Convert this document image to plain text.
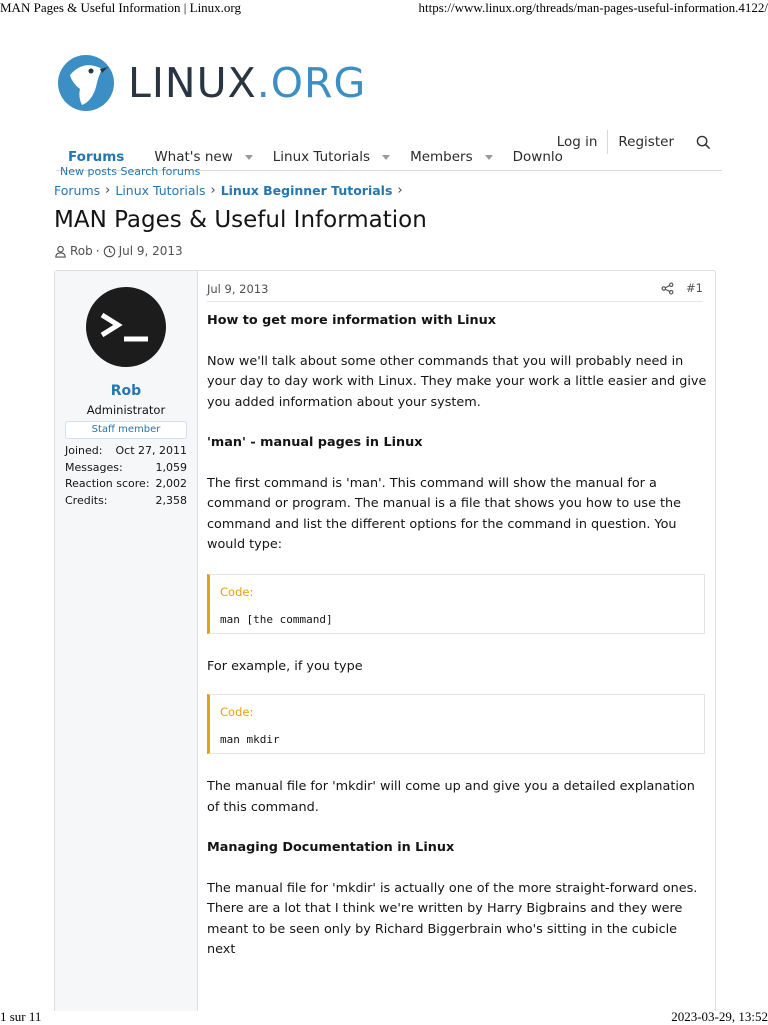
MAN Pages & Useful Information | Linux.org	https://www.linux.org/threads/man-pages-useful-information.4122/
LINUX.ORG
Log in	Register
Forums What's new	Linux Tutorials	Members	Downlo
New posts Search forums
Forums › Linux Tutorials › Linux Beginner Tutorials ›
MAN Pages & Useful Information
Rob · Jul 9, 2013
Rob
Administrator
Staff member
Joined: Oct 27, 2011
Messages:	1,059
Reaction score: 2,002
Credits:	2,358
Jul 9, 2013	#1

How to get more information with Linux

Now we'll talk about some other commands that you will probably need in your day to day work with Linux. They make your work a little easier and give you added information about your system.

'man' - manual pages in Linux

The first command is 'man'. This command will show the manual for a command or program. The manual is a file that shows you how to use the command and list the different options for the command in question. You would type:

Code:
man [the command]

For example, if you type

Code:
man mkdir

The manual file for 'mkdir' will come up and give you a detailed explanation of this command.

Managing Documentation in Linux

The manual file for 'mkdir' is actually one of the more straight-forward ones. There are a lot that I think we're written by Harry Bigbrains and they were meant to be seen only by Richard Biggerbrain who's sitting in the cubicle next

1 sur 11	2023-03-29, 13:52
